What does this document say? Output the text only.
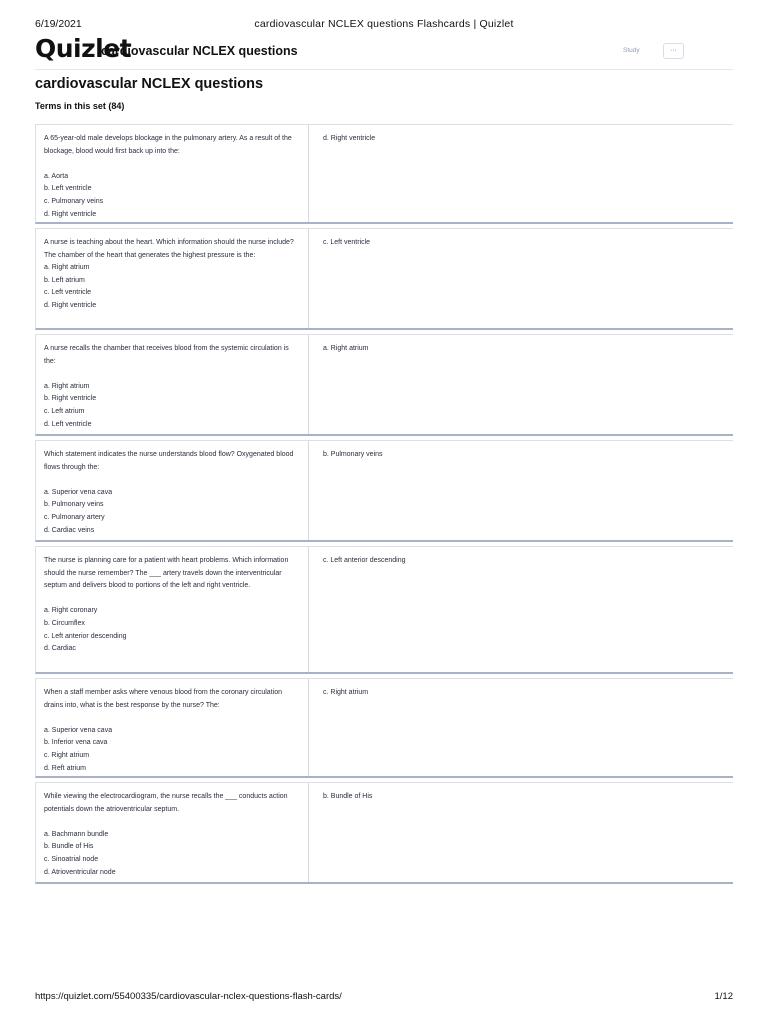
6/19/2021	cardiovascular NCLEX questions Flashcards | Quizlet
Quizlet
cardiovascular NCLEX questions	Study	···
cardiovascular NCLEX questions
Terms in this set (84)
A 65-year-old male develops blockage in the pulmonary artery. As a result of the blockage, blood would first back up into the:

a. Aorta
b. Left ventricle
c. Pulmonary veins
d. Right ventricle
d. Right ventricle
A nurse is teaching about the heart. Which information should the nurse include? The chamber of the heart that generates the highest pressure is the:
a. Right atrium
b. Left atrium
c. Left ventricle
d. Right ventricle
c. Left ventricle
A nurse recalls the chamber that receives blood from the systemic circulation is the:

a. Right atrium
b. Right ventricle
c. Left atrium
d. Left ventricle
a. Right atrium
Which statement indicates the nurse understands blood flow? Oxygenated blood flows through the:

a. Superior vena cava
b. Pulmonary veins
c. Pulmonary artery
d. Cardiac veins
b. Pulmonary veins
The nurse is planning care for a patient with heart problems. Which information should the nurse remember? The ___ artery travels down the interventricular septum and delivers blood to portions of the left and right ventricle.

a. Right coronary
b. Circumflex
c. Left anterior descending
d. Cardiac
c. Left anterior descending
When a staff member asks where venous blood from the coronary circulation drains into, what is the best response by the nurse? The:

a. Superior vena cava
b. Inferior vena cava
c. Right atrium
d. Reft atrium
c. Right atrium
While viewing the electrocardiogram, the nurse recalls the ___ conducts action potentials down the atrioventricular septum.

a. Bachmann bundle
b. Bundle of His
c. Sinoatrial node
d. Atrioventricular node
b. Bundle of His
https://quizlet.com/55400335/cardiovascular-nclex-questions-flash-cards/	1/12
